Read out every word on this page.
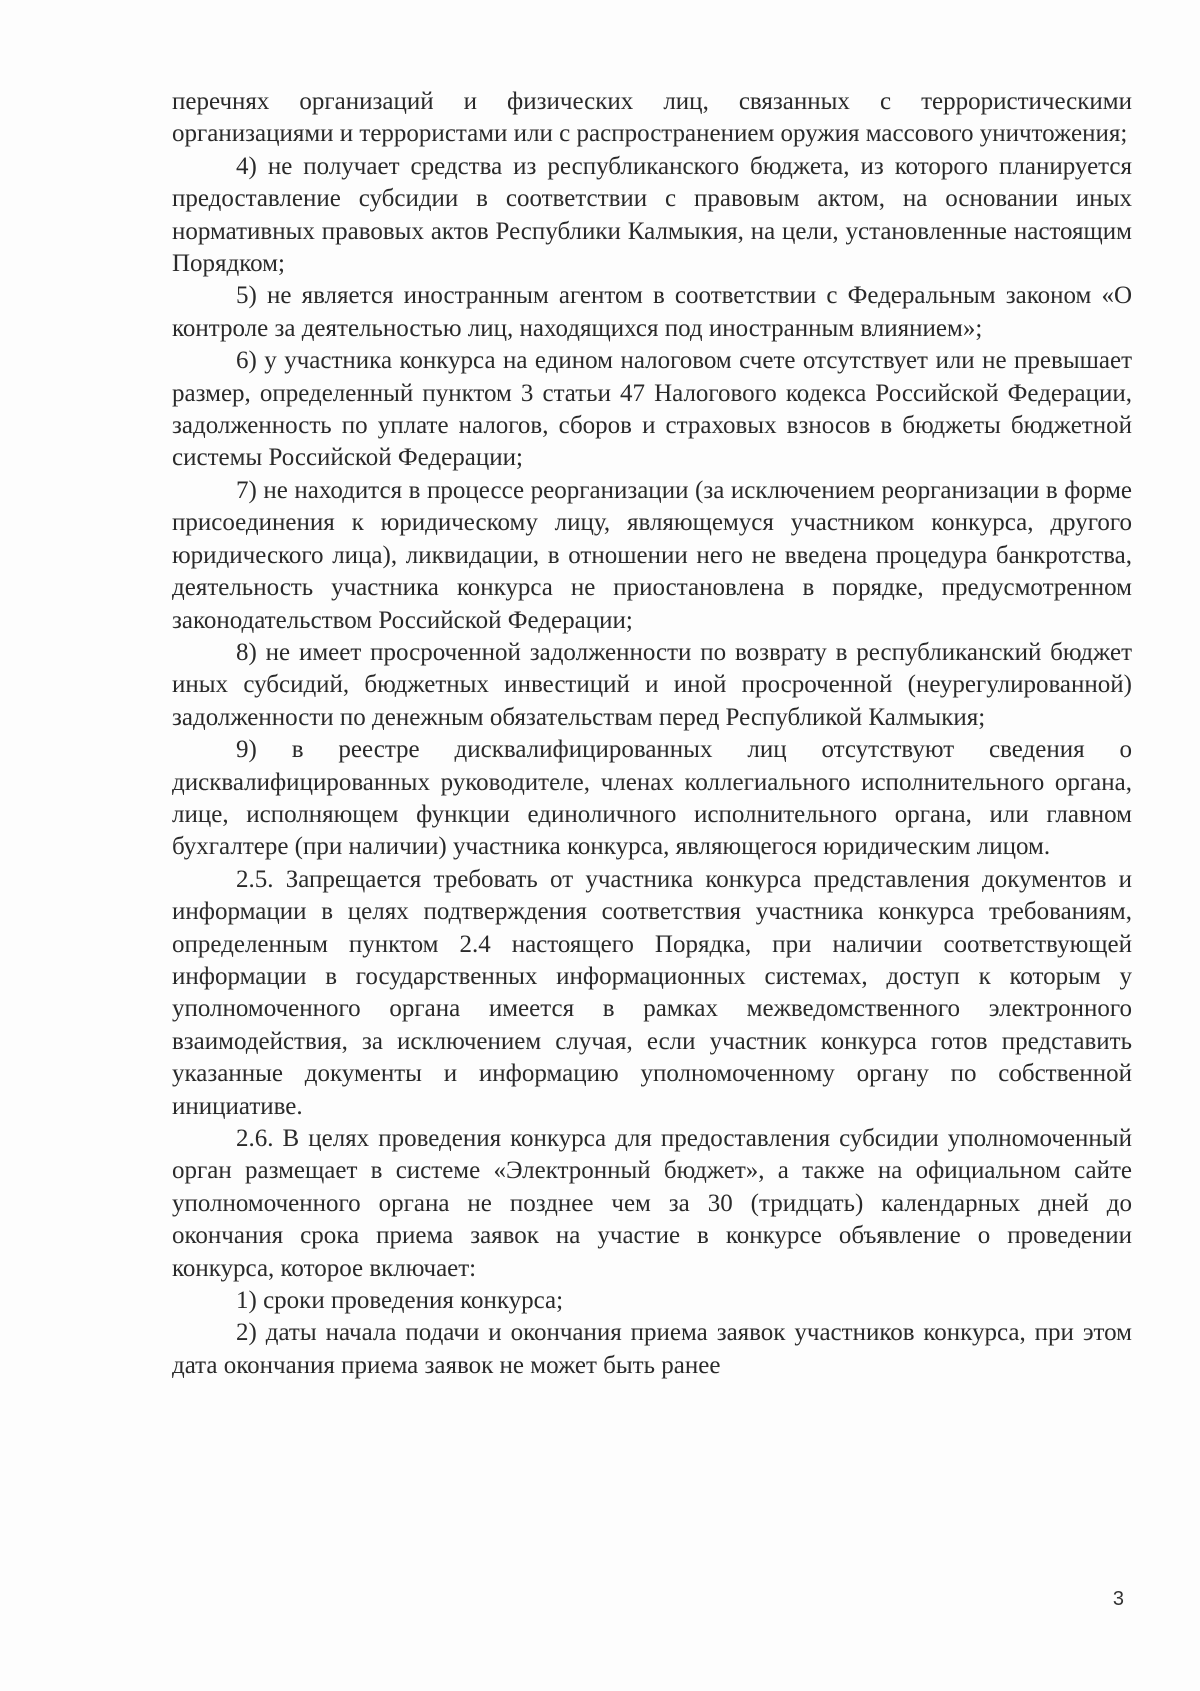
перечнях организаций и физических лиц, связанных с террористическими организациями и террористами или с распространением оружия массового уничтожения;

4) не получает средства из республиканского бюджета, из которого планируется предоставление субсидии в соответствии с правовым актом, на основании иных нормативных правовых актов Республики Калмыкия, на цели, установленные настоящим Порядком;

5) не является иностранным агентом в соответствии с Федеральным законом «О контроле за деятельностью лиц, находящихся под иностранным влиянием»;

6) у участника конкурса на едином налоговом счете отсутствует или не превышает размер, определенный пунктом 3 статьи 47 Налогового кодекса Российской Федерации, задолженность по уплате налогов, сборов и страховых взносов в бюджеты бюджетной системы Российской Федерации;

7) не находится в процессе реорганизации (за исключением реорганизации в форме присоединения к юридическому лицу, являющемуся участником конкурса, другого юридического лица), ликвидации, в отношении него не введена процедура банкротства, деятельность участника конкурса не приостановлена в порядке, предусмотренном законодательством Российской Федерации;

8) не имеет просроченной задолженности по возврату в республиканский бюджет иных субсидий, бюджетных инвестиций и иной просроченной (неурегулированной) задолженности по денежным обязательствам перед Республикой Калмыкия;

9) в реестре дисквалифицированных лиц отсутствуют сведения о дисквалифицированных руководителе, членах коллегиального исполнительного органа, лице, исполняющем функции единоличного исполнительного органа, или главном бухгалтере (при наличии) участника конкурса, являющегося юридическим лицом.

2.5. Запрещается требовать от участника конкурса представления документов и информации в целях подтверждения соответствия участника конкурса требованиям, определенным пунктом 2.4 настоящего Порядка, при наличии соответствующей информации в государственных информационных системах, доступ к которым у уполномоченного органа имеется в рамках межведомственного электронного взаимодействия, за исключением случая, если участник конкурса готов представить указанные документы и информацию уполномоченному органу по собственной инициативе.

2.6. В целях проведения конкурса для предоставления субсидии уполномоченный орган размещает в системе «Электронный бюджет», а также на официальном сайте уполномоченного органа не позднее чем за 30 (тридцать) календарных дней до окончания срока приема заявок на участие в конкурсе объявление о проведении конкурса, которое включает:

1) сроки проведения конкурса;

2) даты начала подачи и окончания приема заявок участников конкурса, при этом дата окончания приема заявок не может быть ранее

3
